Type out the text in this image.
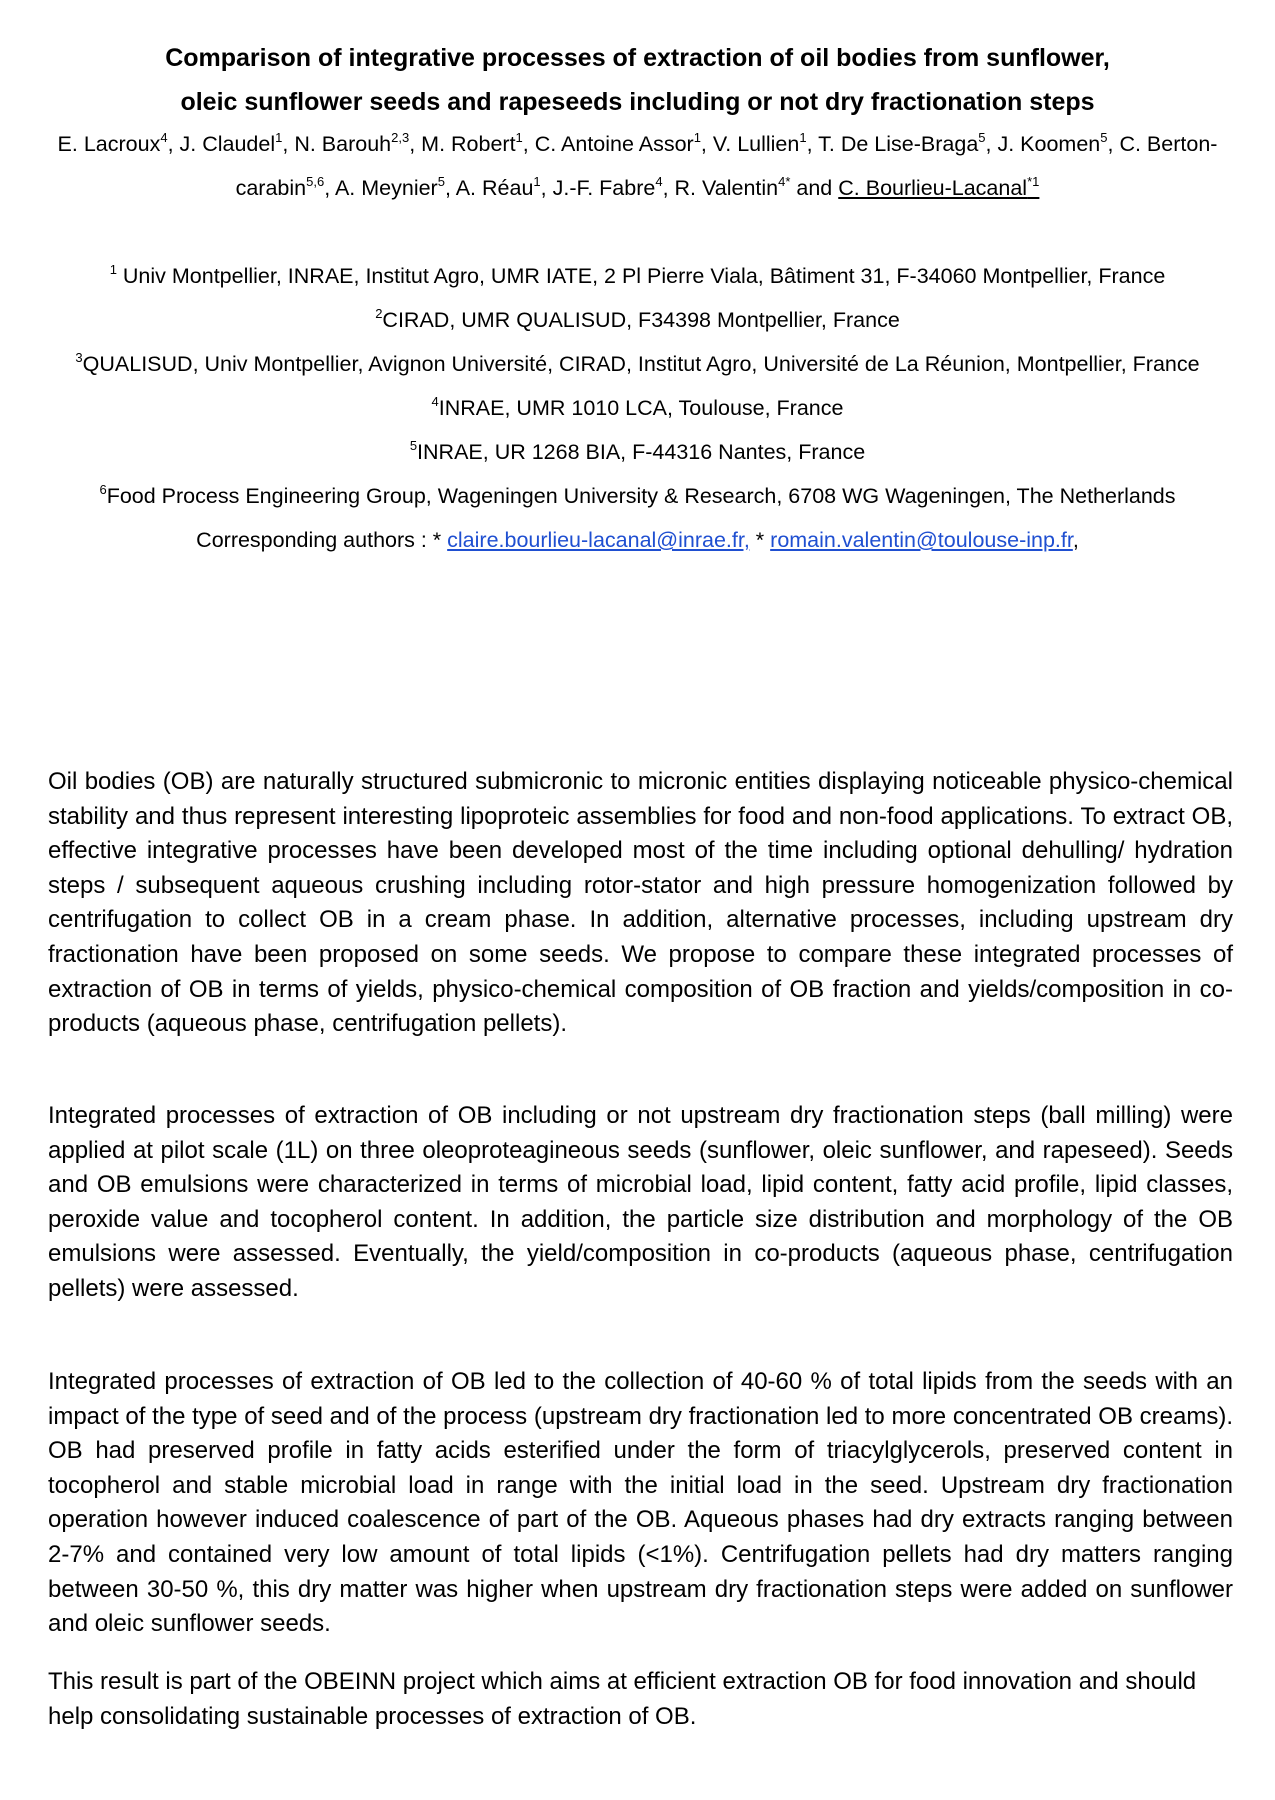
Comparison of integrative processes of extraction of oil bodies from sunflower,
oleic sunflower seeds and rapeseeds including or not dry fractionation steps
E. Lacroux$^4$, J. Claudel$^1$, N. Barouh$^{2,3}$, M. Robert$^1$, C. Antoine Assor$^1$, V. Lullien$^1$, T. De Lise-Braga$^5$, J. Koomen$^5$, C. Berton-carabin$^{5,6}$, A. Meynier$^5$, A. Réau$^1$, J.-F. Fabre$^4$, R. Valentin$^{4*}$ and C. Bourlieu-Lacanal$^{*1}$
$^1$ Univ Montpellier, INRAE, Institut Agro, UMR IATE, 2 Pl Pierre Viala, Bâtiment 31, F-34060 Montpellier, France
$^2$CIRAD, UMR QUALISUD, F34398 Montpellier, France
$^3$QUALISUD, Univ Montpellier, Avignon Université, CIRAD, Institut Agro, Université de La Réunion, Montpellier, France
$^4$INRAE, UMR 1010 LCA, Toulouse, France
$^5$INRAE, UR 1268 BIA, F-44316 Nantes, France
$^6$Food Process Engineering Group, Wageningen University & Research, 6708 WG Wageningen, The Netherlands
Corresponding authors : * claire.bourlieu-lacanal@inrae.fr, * romain.valentin@toulouse-inp.fr,

Oil bodies (OB) are naturally structured submicronic to micronic entities displaying noticeable physico-chemical stability and thus represent interesting lipoproteic assemblies for food and non-food applications. To extract OB, effective integrative processes have been developed most of the time including optional dehulling/ hydration steps / subsequent aqueous crushing including rotor-stator and high pressure homogenization followed by centrifugation to collect OB in a cream phase. In addition, alternative processes, including upstream dry fractionation have been proposed on some seeds. We propose to compare these integrated processes of extraction of OB in terms of yields, physico-chemical composition of OB fraction and yields/composition in co-products (aqueous phase, centrifugation pellets).

Integrated processes of extraction of OB including or not upstream dry fractionation steps (ball milling) were applied at pilot scale (1L) on three oleoproteagineous seeds (sunflower, oleic sunflower, and rapeseed). Seeds and OB emulsions were characterized in terms of microbial load, lipid content, fatty acid profile, lipid classes, peroxide value and tocopherol content. In addition, the particle size distribution and morphology of the OB emulsions were assessed. Eventually, the yield/composition in co-products (aqueous phase, centrifugation pellets) were assessed.

Integrated processes of extraction of OB led to the collection of 40-60 % of total lipids from the seeds with an impact of the type of seed and of the process (upstream dry fractionation led to more concentrated OB creams). OB had preserved profile in fatty acids esterified under the form of triacylglycerols, preserved content in tocopherol and stable microbial load in range with the initial load in the seed. Upstream dry fractionation operation however induced coalescence of part of the OB. Aqueous phases had dry extracts ranging between 2-7% and contained very low amount of total lipids (<1%). Centrifugation pellets had dry matters ranging between 30-50 %, this dry matter was higher when upstream dry fractionation steps were added on sunflower and oleic sunflower seeds.

This result is part of the OBEINN project which aims at efficient extraction OB for food innovation and should help consolidating sustainable processes of extraction of OB.
